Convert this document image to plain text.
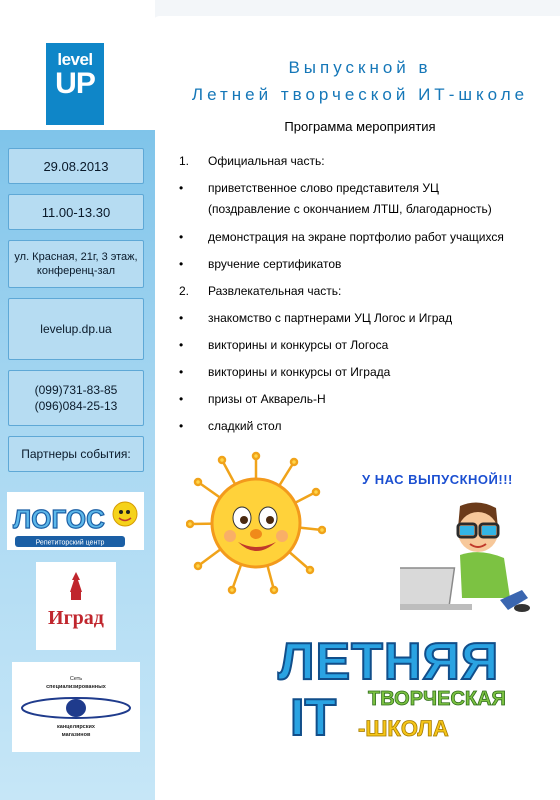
level
UP	Выпускной в
Летней творческой ИТ-школе
Программа мероприятия
1. Официальная часть:
• приветственное слово представителя УЦ
(поздравление с окончанием ЛТШ, благодарность)
• демонстрация на экране портфолио работ учащихся
• вручение сертификатов
2. Развлекательная часть:
• знакомство с партнерами УЦ Логос и Иград
• викторины и конкурсы от Логоса
• викторины и конкурсы от Играда
• призы от Акварель-Н
• сладкий стол
29.08.2013
11.00-13.30
ул. Красная, 21г, 3 этаж,
конференц-зал
levelup.dp.ua
(099)731-83-85
(096)084-25-13
Партнеры события:
ЛОГОС
Репетиторский центр
Иград
Сеть
специализированных
канцелярских
магазинов
У НАС ВЫПУСКНОЙ!!!
ЛЕТНЯЯ
IT ТВОРЧЕСКАЯ
-ШКОЛА
